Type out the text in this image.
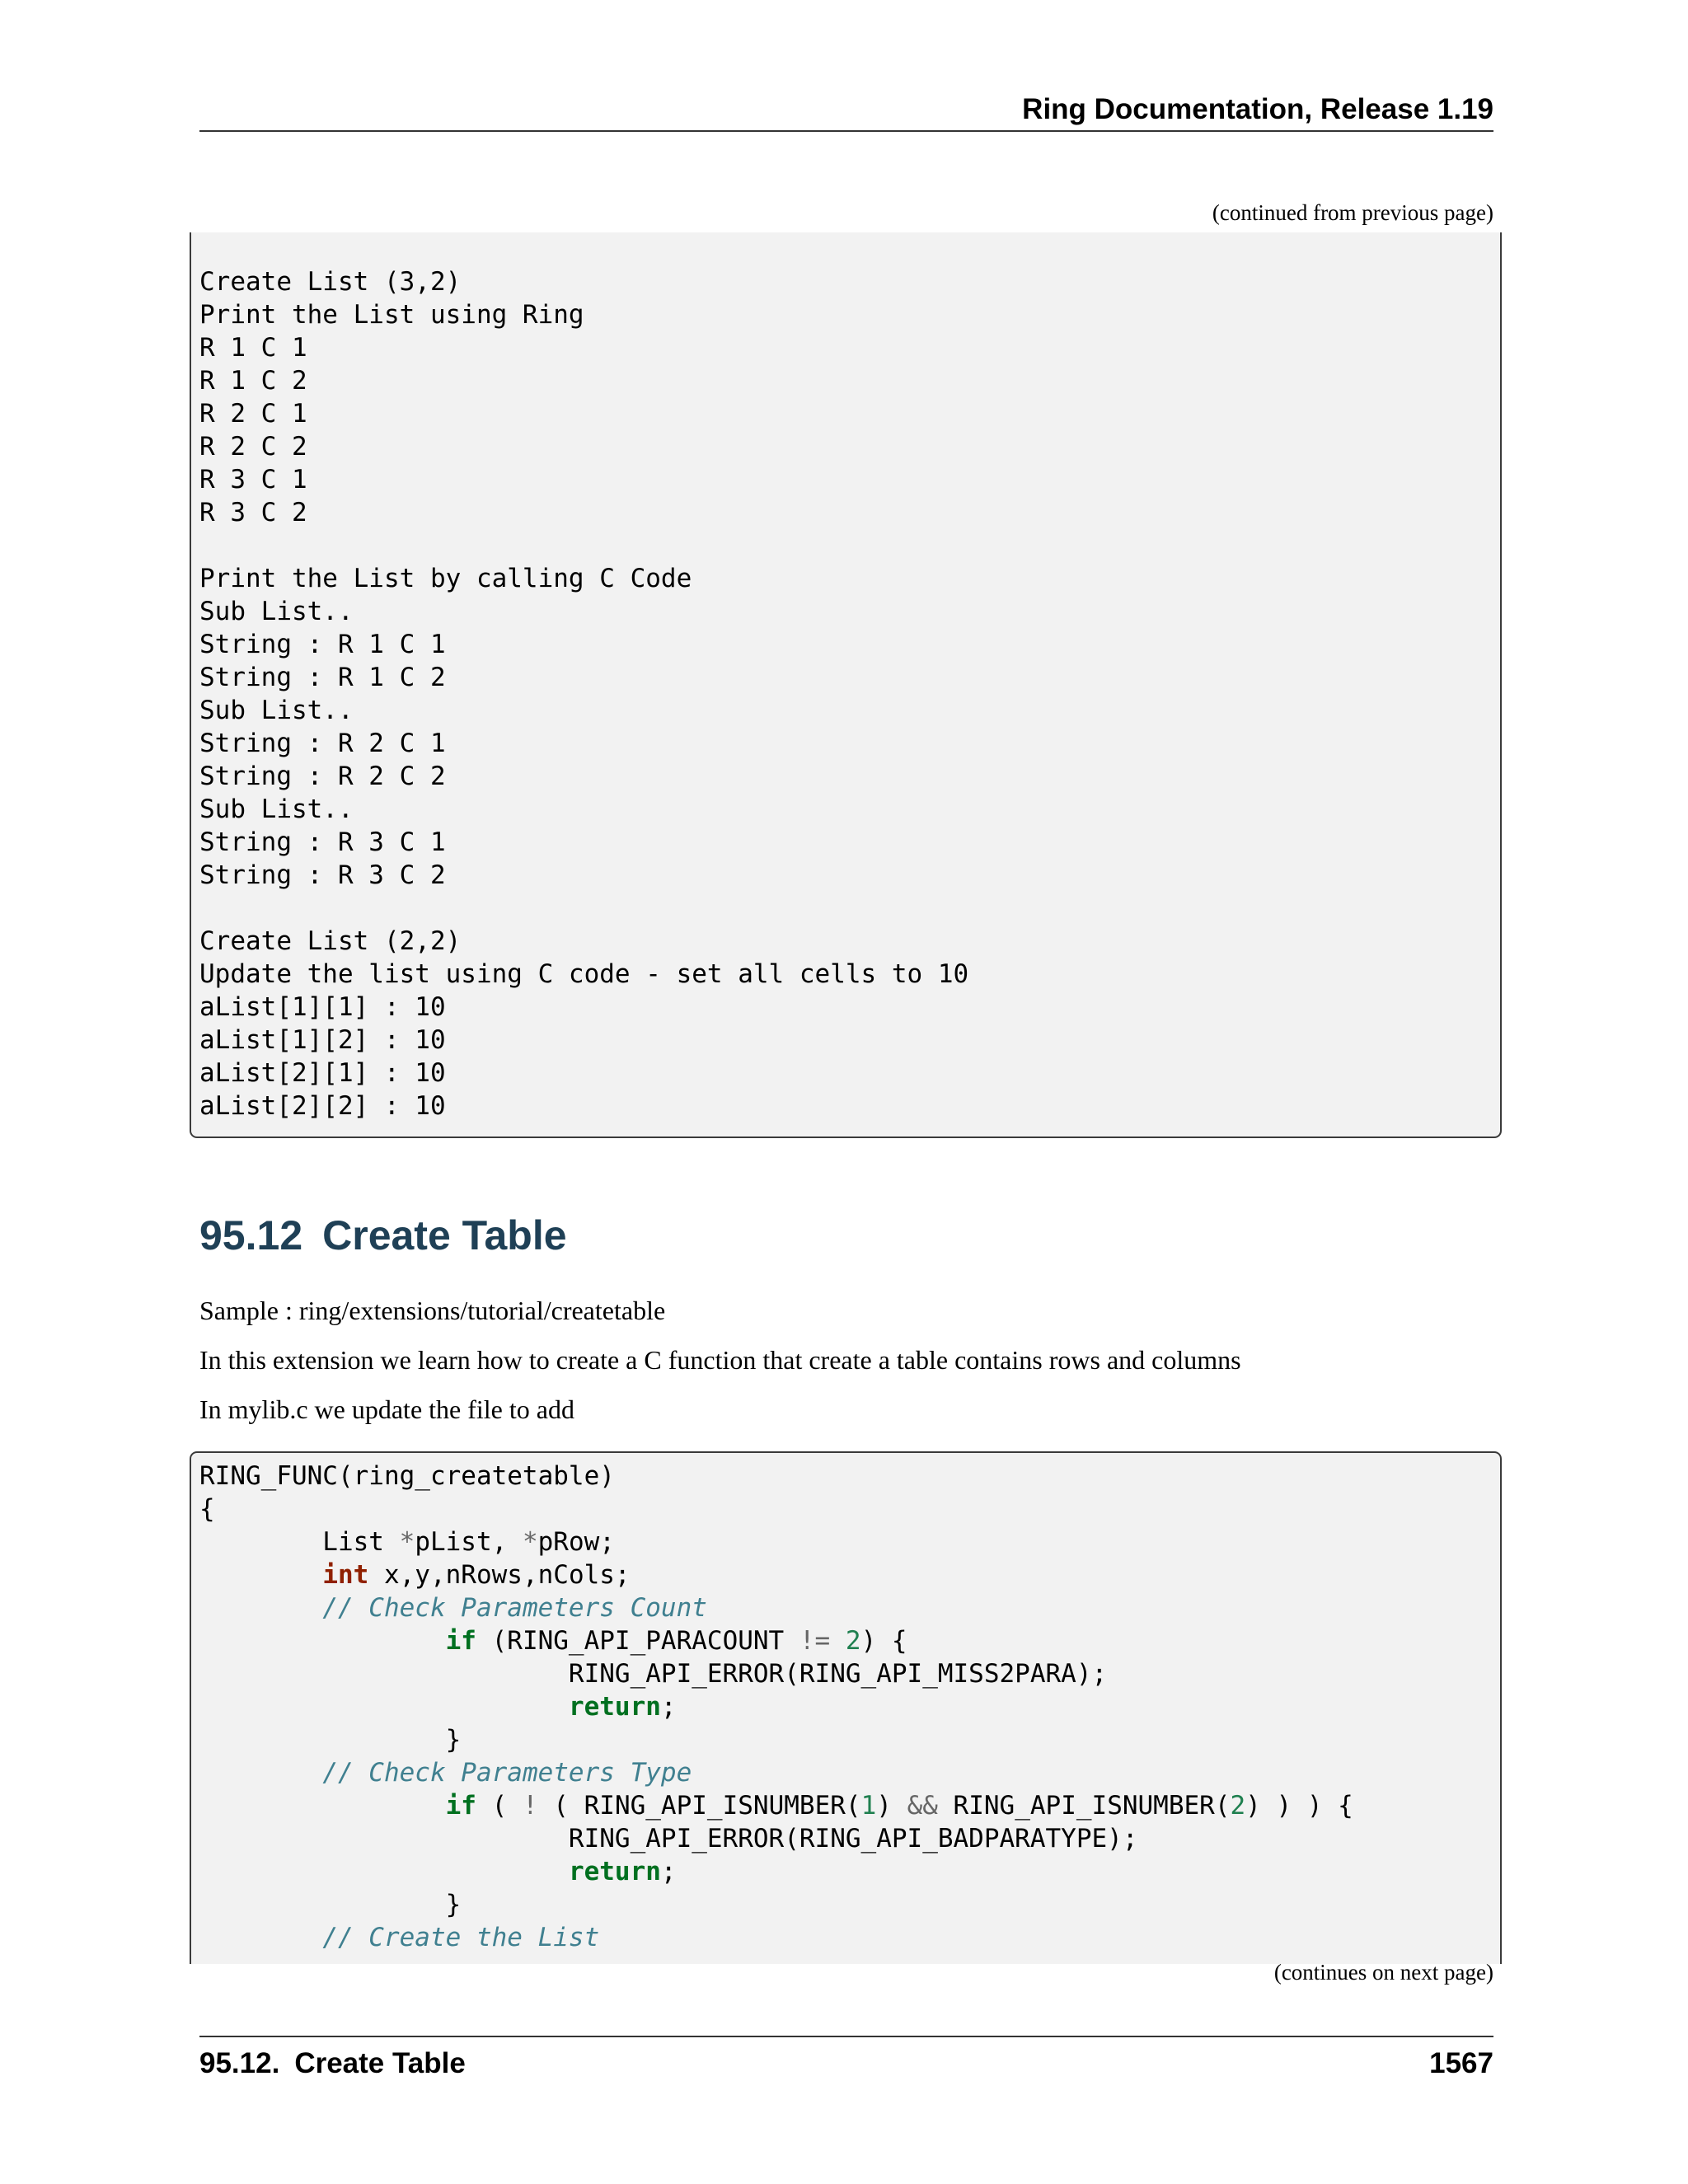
Ring Documentation, Release 1.19
(continued from previous page)
Create List (3,2)
Print the List using Ring
R 1 C 1
R 1 C 2
R 2 C 1
R 2 C 2
R 3 C 1
R 3 C 2
Print the List by calling C Code
Sub List..
String : R 1 C 1
String : R 1 C 2
Sub List..
String : R 2 C 1
String : R 2 C 2
Sub List..
String : R 3 C 1
String : R 3 C 2
Create List (2,2)
Update the list using C code - set all cells to 10
aList[1][1] : 10
aList[1][2] : 10
aList[2][1] : 10
aList[2][2] : 10
95.12 Create Table
Sample : ring/extensions/tutorial/createtable
In this extension we learn how to create a C function that create a table contains rows and columns
In mylib.c we update the file to add
RING_FUNC(ring_createtable)
{
List *pList, *pRow;
int x,y,nRows,nCols;
// Check Parameters Count
if (RING_API_PARACOUNT != 2) {
RING_API_ERROR(RING_API_MISS2PARA);
return;
}
// Check Parameters Type
if ( ! ( RING_API_ISNUMBER(1) && RING_API_ISNUMBER(2) ) ) {
RING_API_ERROR(RING_API_BADPARATYPE);
return;
}
// Create the List
(continues on next page)
95.12. Create Table	1567
